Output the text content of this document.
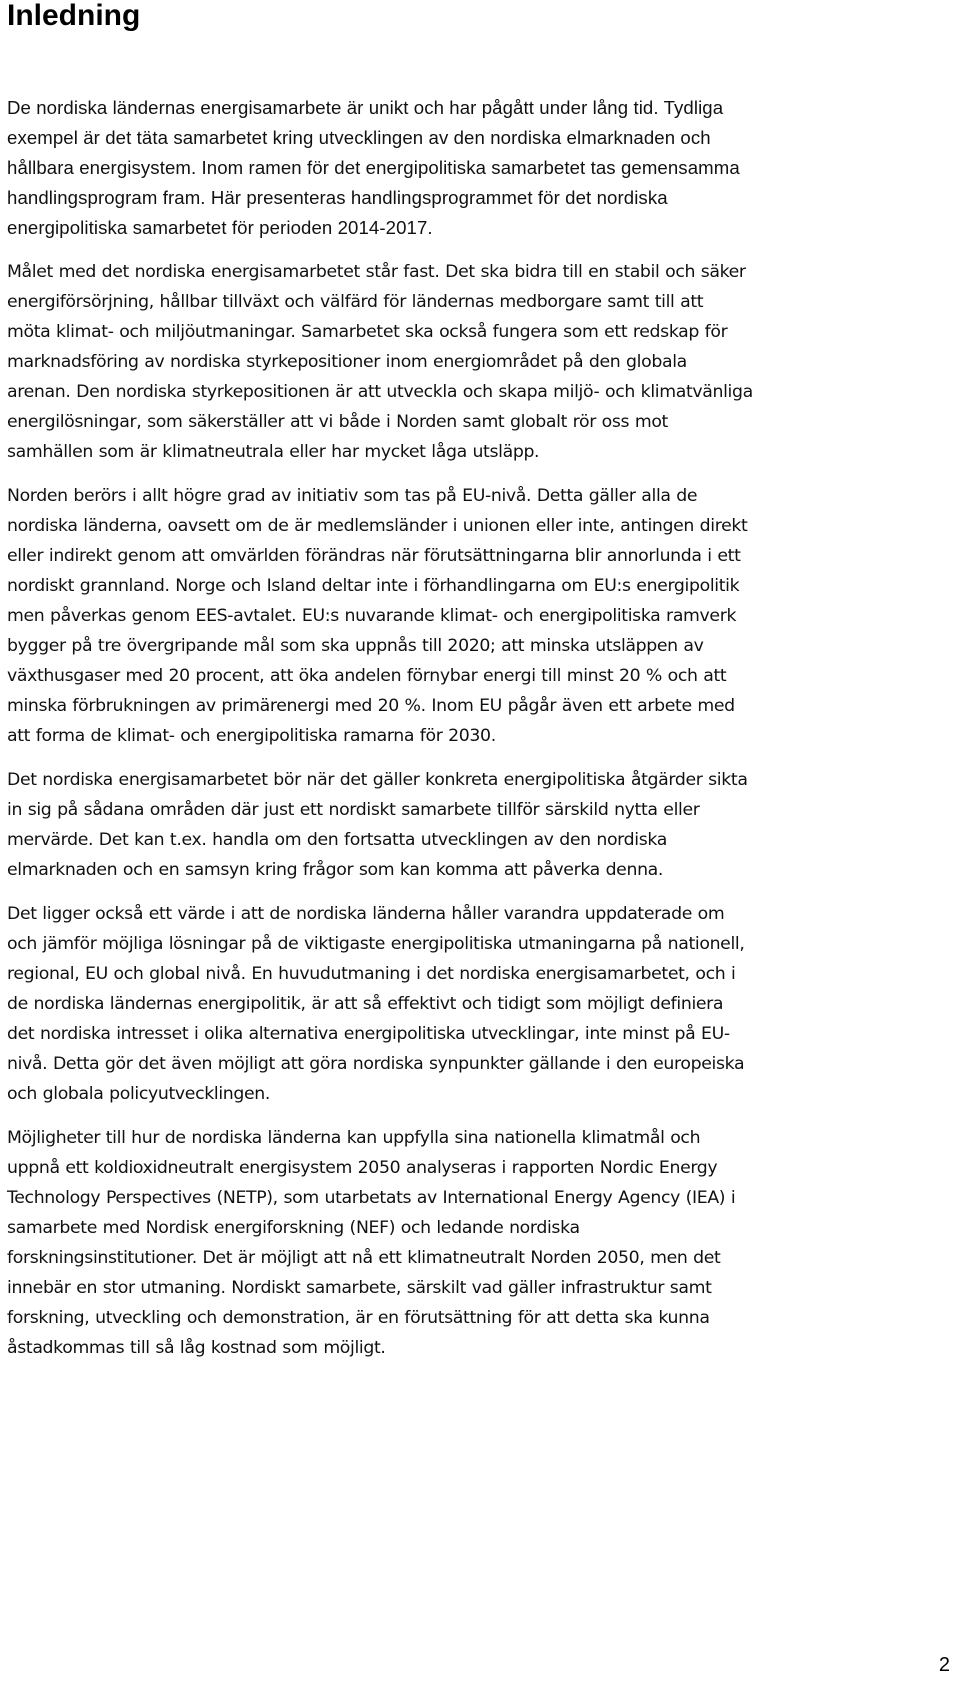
Inledning

De nordiska ländernas energisamarbete är unikt och har pågått under lång tid. Tydliga
exempel är det täta samarbetet kring utvecklingen av den nordiska elmarknaden och
hållbara energisystem. Inom ramen för det energipolitiska samarbetet tas gemensamma
handlingsprogram fram. Här presenteras handlingsprogrammet för det nordiska
energipolitiska samarbetet för perioden 2014-2017.

Målet med det nordiska energisamarbetet står fast. Det ska bidra till en stabil och säker
energiförsörjning, hållbar tillväxt och välfärd för ländernas medborgare samt till att
möta klimat- och miljöutmaningar. Samarbetet ska också fungera som ett redskap för
marknadsföring av nordiska styrkepositioner inom energiområdet på den globala
arenan. Den nordiska styrkepositionen är att utveckla och skapa miljö- och klimatvänliga
energilösningar, som säkerställer att vi både i Norden samt globalt rör oss mot
samhällen som är klimatneutrala eller har mycket låga utsläpp.

Norden berörs i allt högre grad av initiativ som tas på EU-nivå. Detta gäller alla de
nordiska länderna, oavsett om de är medlemsländer i unionen eller inte, antingen direkt
eller indirekt genom att omvärlden förändras när förutsättningarna blir annorlunda i ett
nordiskt grannland. Norge och Island deltar inte i förhandlingarna om EU:s energipolitik
men påverkas genom EES-avtalet. EU:s nuvarande klimat- och energipolitiska ramverk
bygger på tre övergripande mål som ska uppnås till 2020; att minska utsläppen av
växthusgaser med 20 procent, att öka andelen förnybar energi till minst 20 % och att
minska förbrukningen av primärenergi med 20 %. Inom EU pågår även ett arbete med
att forma de klimat- och energipolitiska ramarna för 2030.

Det nordiska energisamarbetet bör när det gäller konkreta energipolitiska åtgärder sikta
in sig på sådana områden där just ett nordiskt samarbete tillför särskild nytta eller
mervärde. Det kan t.ex. handla om den fortsatta utvecklingen av den nordiska
elmarknaden och en samsyn kring frågor som kan komma att påverka denna.

Det ligger också ett värde i att de nordiska länderna håller varandra uppdaterade om
och jämför möjliga lösningar på de viktigaste energipolitiska utmaningarna på nationell,
regional, EU och global nivå. En huvudutmaning i det nordiska energisamarbetet, och i
de nordiska ländernas energipolitik, är att så effektivt och tidigt som möjligt definiera
det nordiska intresset i olika alternativa energipolitiska utvecklingar, inte minst på EU-
nivå. Detta gör det även möjligt att göra nordiska synpunkter gällande i den europeiska
och globala policyutvecklingen.

Möjligheter till hur de nordiska länderna kan uppfylla sina nationella klimatmål och
uppnå ett koldioxidneutralt energisystem 2050 analyseras i rapporten Nordic Energy
Technology Perspectives (NETP), som utarbetats av International Energy Agency (IEA) i
samarbete med Nordisk energiforskning (NEF) och ledande nordiska
forskningsinstitutioner. Det är möjligt att nå ett klimatneutralt Norden 2050, men det
innebär en stor utmaning. Nordiskt samarbete, särskilt vad gäller infrastruktur samt
forskning, utveckling och demonstration, är en förutsättning för att detta ska kunna
åstadkommas till så låg kostnad som möjligt.

2
